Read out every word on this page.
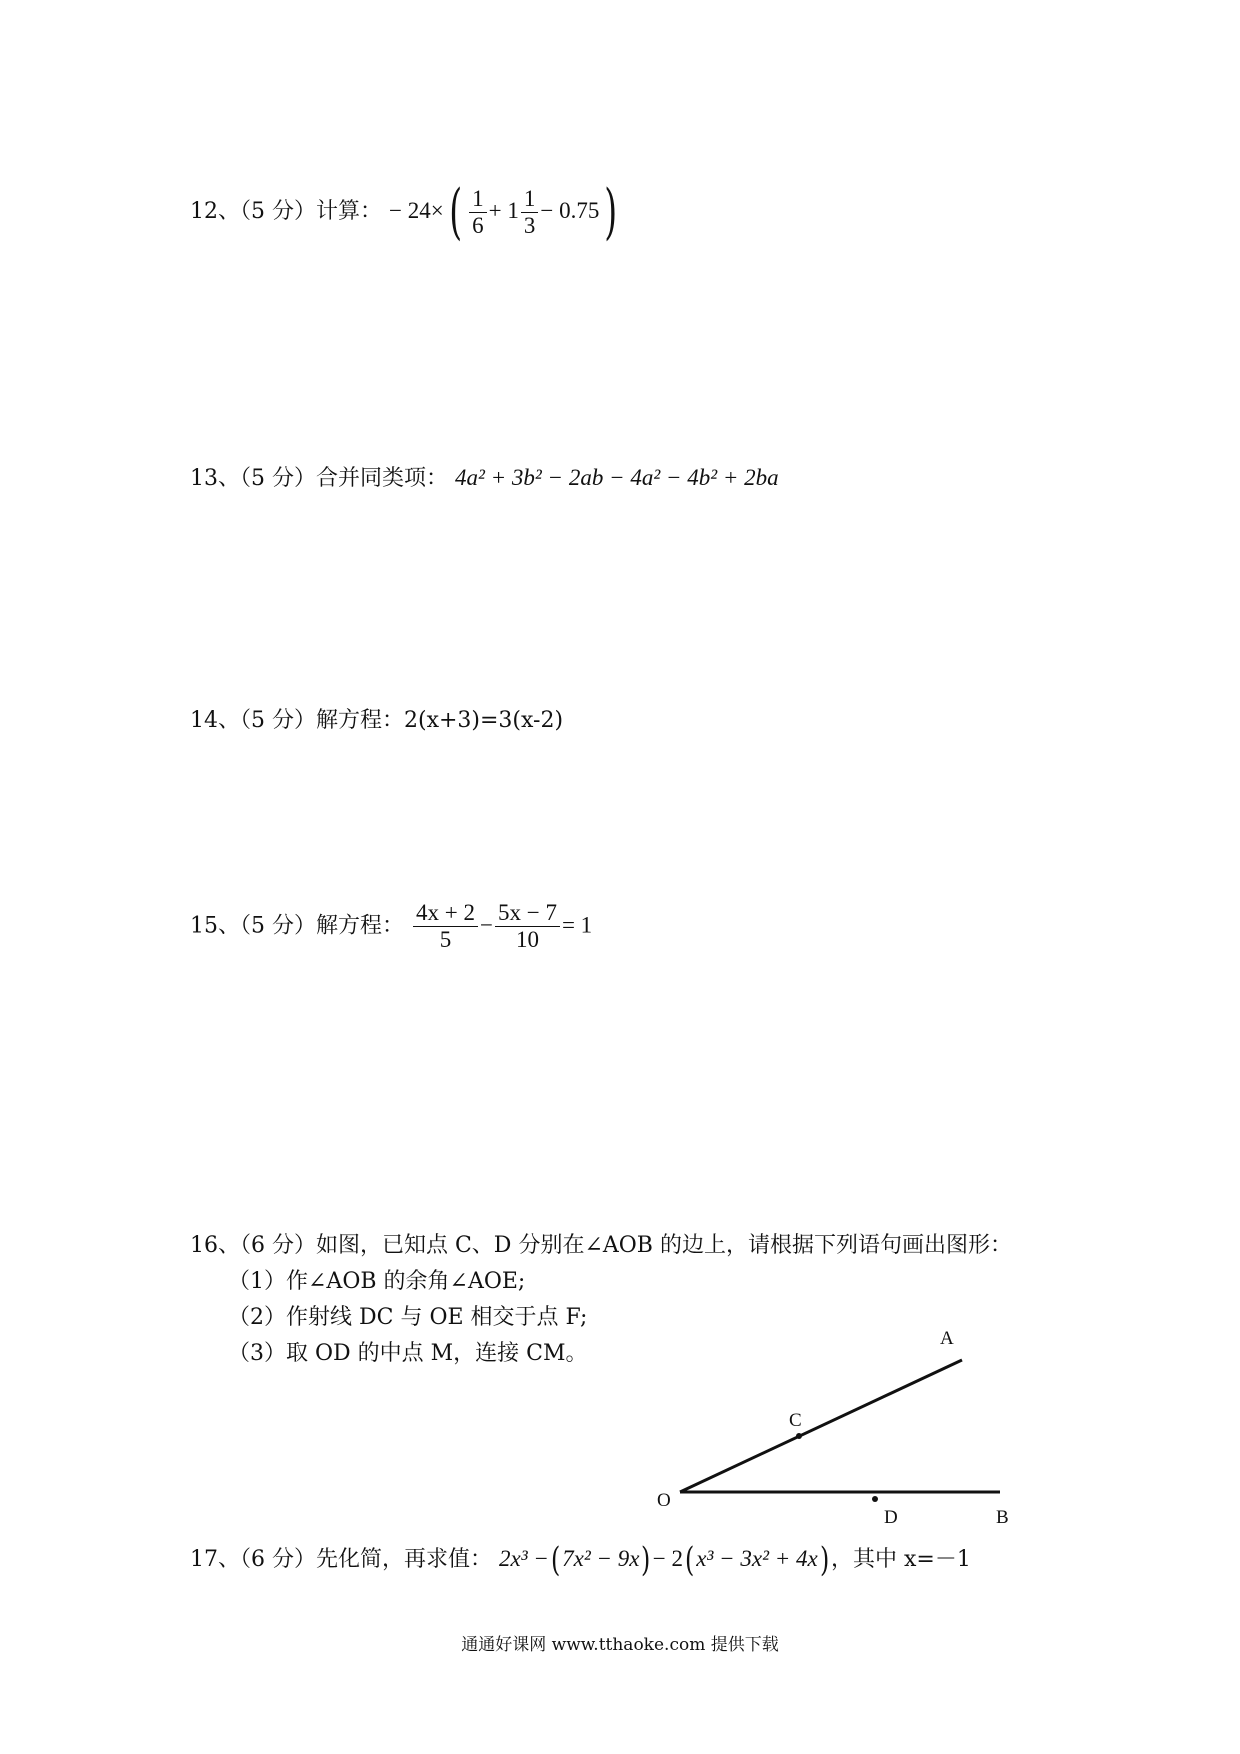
12、（5 分）计算： − $24\times( \frac{1}{6} + 1 \frac{1}{3} - 0.75)$
13、（5 分）合并同类项： 4a² + 3b² − 2ab − 4a² − 4b² + 2ba
14、（5 分）解方程：2(x+3)=3(x-2)
15、（5 分）解方程： $\frac{4x + 2}{5} - \frac{5x - 7}{10} = 1$
16、（6 分）如图，已知点 C、D 分别在∠AOB 的边上，请根据下列语句画出图形：
（1）作∠AOB 的余角∠AOE;
（2）作射线 DC 与 OE 相交于点 F;
（3）取 OD 的中点 M，连接 CM。
A
C
O
D	B
17、（6 分）先化简，再求值： 2x³ −(7x² − 9x)− 2(x³ − 3x² + 4x)，其中 x=－1
通通好课网 www.tthaoke.com 提供下载
